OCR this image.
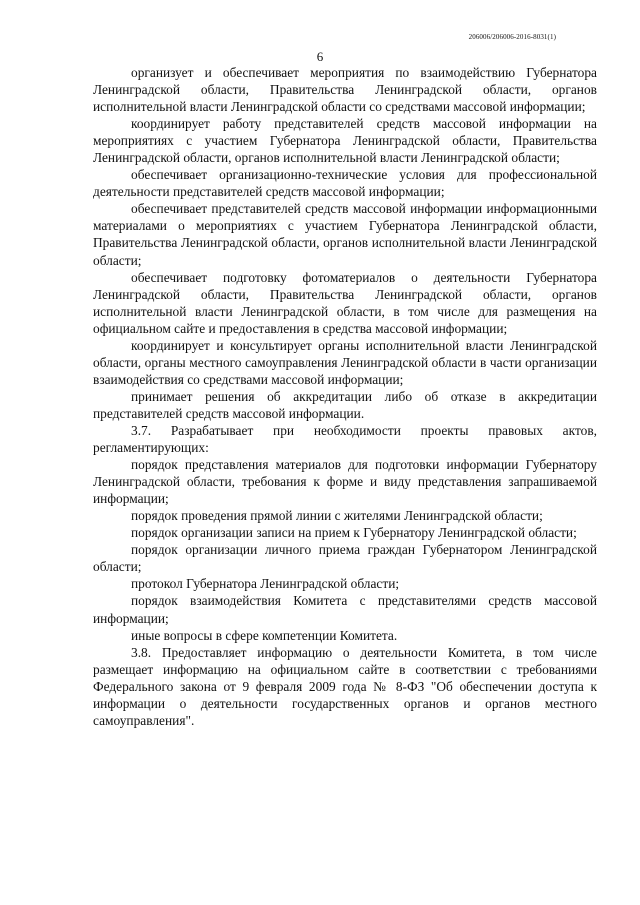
206006/206006-2016-8031(1)
6

организует и обеспечивает мероприятия по взаимодействию Губернатора Ленинградской области, Правительства Ленинградской области, органов исполнительной власти Ленинградской области со средствами массовой информации;

координирует работу представителей средств массовой информации на мероприятиях с участием Губернатора Ленинградской области, Правительства Ленинградской области, органов исполнительной власти Ленинградской области;

обеспечивает организационно-технические условия для профессиональной деятельности представителей средств массовой информации;

обеспечивает представителей средств массовой информации информационными материалами о мероприятиях с участием Губернатора Ленинградской области, Правительства Ленинградской области, органов исполнительной власти Ленинградской области;

обеспечивает подготовку фотоматериалов о деятельности Губернатора Ленинградской области, Правительства Ленинградской области, органов исполнительной власти Ленинградской области, в том числе для размещения на официальном сайте и предоставления в средства массовой информации;

координирует и консультирует органы исполнительной власти Ленинградской области, органы местного самоуправления Ленинградской области в части организации взаимодействия со средствами массовой информации;

принимает решения об аккредитации либо об отказе в аккредитации представителей средств массовой информации.

3.7. Разрабатывает при необходимости проекты правовых актов, регламентирующих:

порядок представления материалов для подготовки информации Губернатору Ленинградской области, требования к форме и виду представления запрашиваемой информации;

порядок проведения прямой линии с жителями Ленинградской области;

порядок организации записи на прием к Губернатору Ленинградской области;

порядок организации личного приема граждан Губернатором Ленинградской области;

протокол Губернатора Ленинградской области;

порядок взаимодействия Комитета с представителями средств массовой информации;

иные вопросы в сфере компетенции Комитета.

3.8. Предоставляет информацию о деятельности Комитета, в том числе размещает информацию на официальном сайте в соответствии с требованиями Федерального закона от 9 февраля 2009 года № 8-ФЗ "Об обеспечении доступа к информации о деятельности государственных органов и органов местного самоуправления".
